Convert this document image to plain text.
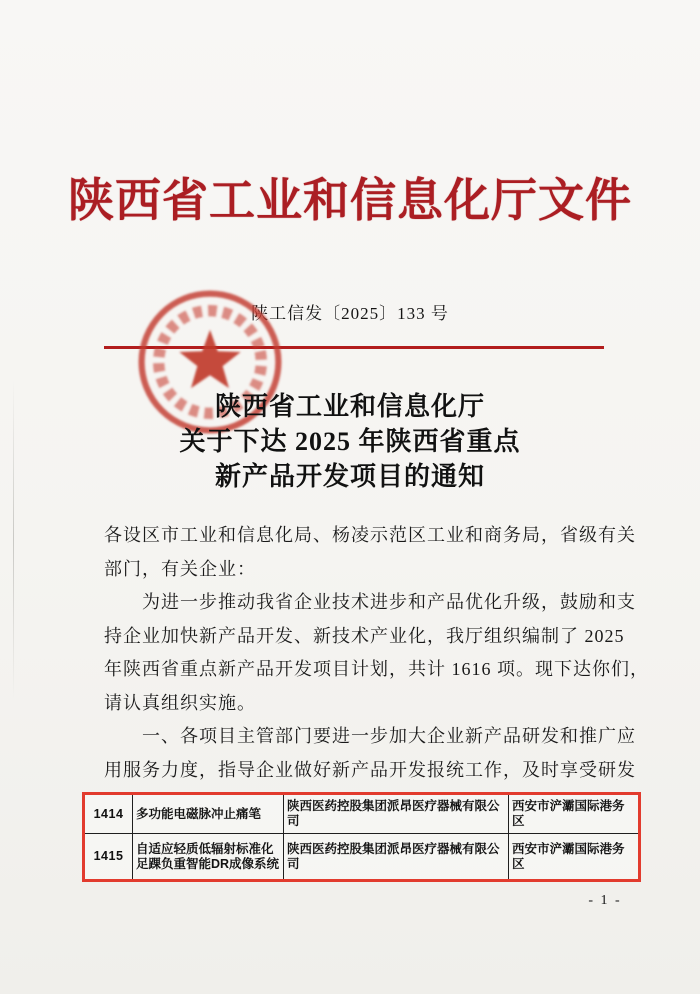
陕西省工业和信息化厅文件
陕工信发〔2025〕133 号
陕西省工业和信息化厅
关于下达 2025 年陕西省重点
新产品开发项目的通知
各设区市工业和信息化局、杨凌示范区工业和商务局，省级有关
部门，有关企业：
为进一步推动我省企业技术进步和产品优化升级，鼓励和支
持企业加快新产品开发、新技术产业化，我厅组织编制了 2025
年陕西省重点新产品开发项目计划，共计 1616 项。现下达你们，
请认真组织实施。
一、各项目主管部门要进一步加大企业新产品研发和推广应
用服务力度，指导企业做好新产品开发报统工作，及时享受研发
1414	多功能电磁脉冲止痛笔	陕西医药控股集团派昂医疗器械有限公司	西安市浐灞国际港务区
1415	自适应轻质低辐射标准化足踝负重智能DR成像系统	陕西医药控股集团派昂医疗器械有限公司	西安市浐灞国际港务区
- 1 -
